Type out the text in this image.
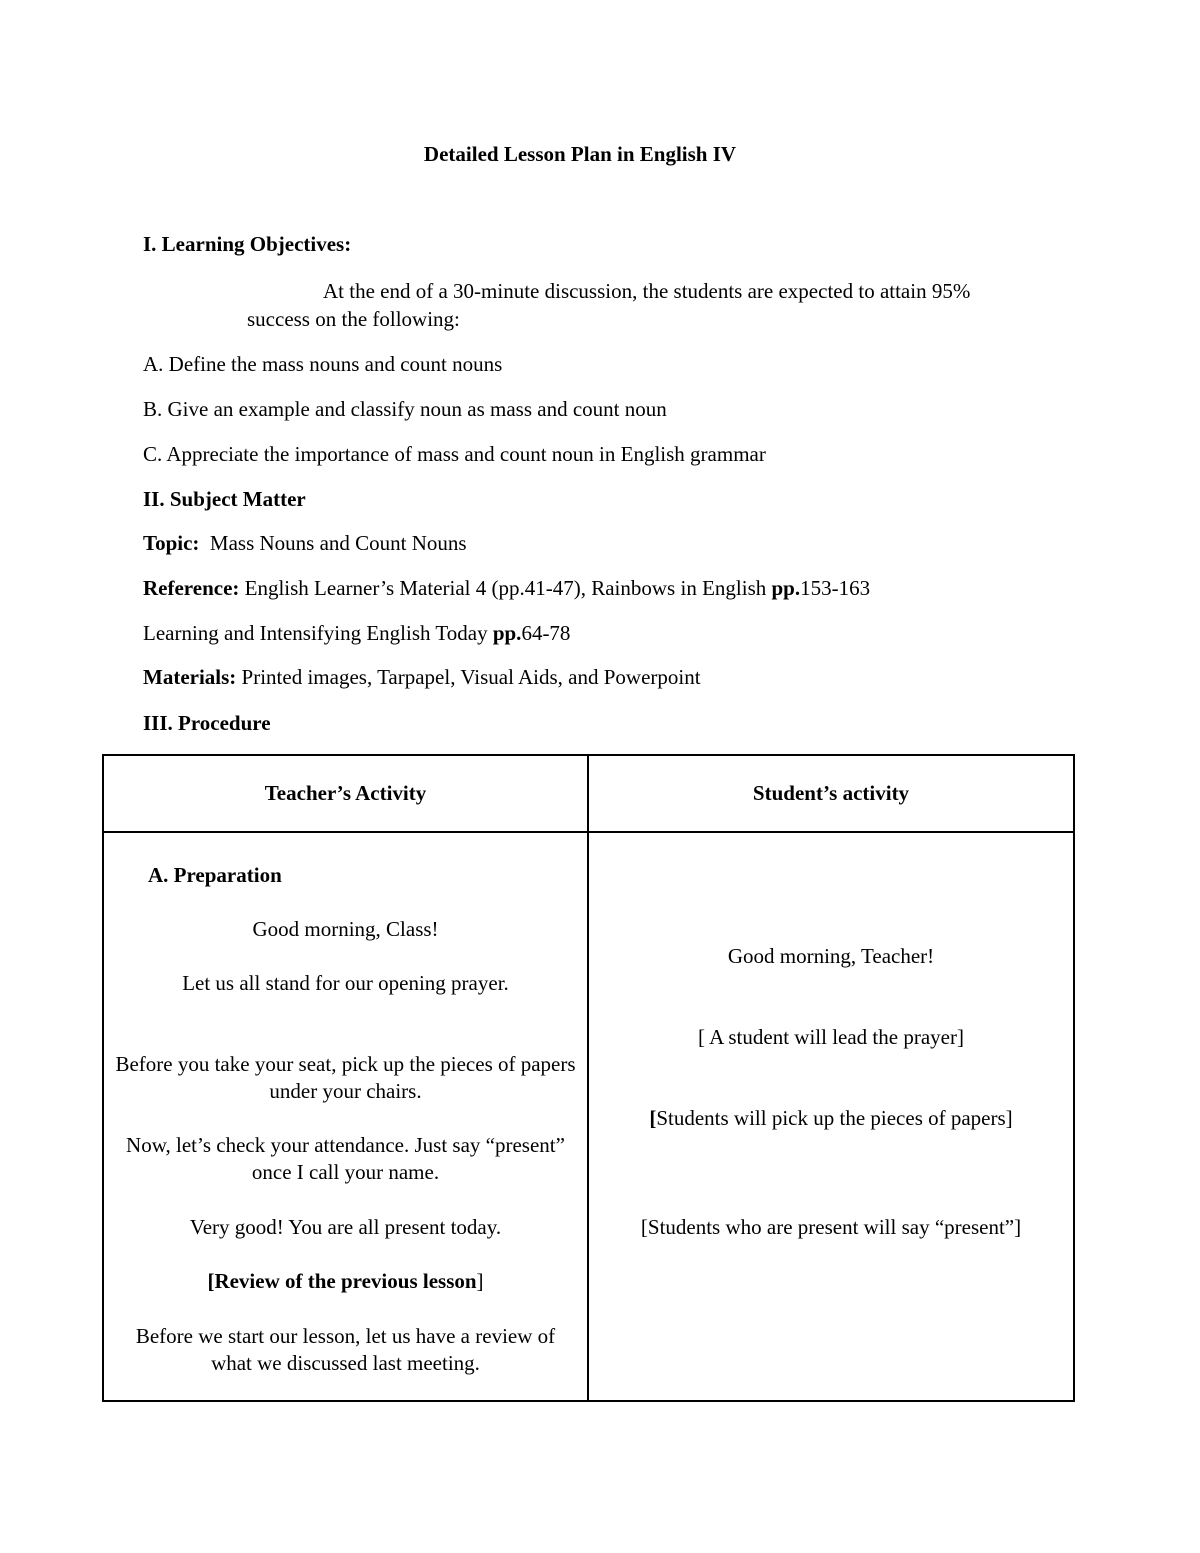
Detailed Lesson Plan in English IV
I. Learning Objectives:
At the end of a 30-minute discussion, the students are expected to attain 95%
success on the following:
A. Define the mass nouns and count nouns
B. Give an example and classify noun as mass and count noun
C. Appreciate the importance of mass and count noun in English grammar
II. Subject Matter
Topic: Mass Nouns and Count Nouns
Reference: English Learner’s Material 4 (pp.41-47), Rainbows in English pp.153-163
Learning and Intensifying English Today pp.64-78
Materials: Printed images, Tarpapel, Visual Aids, and Powerpoint
III. Procedure
Teacher’s Activity	Student’s activity
A. Preparation
Good morning, Class!
Let us all stand for our opening prayer.
Before you take your seat, pick up the pieces of papers under your chairs.
Now, let’s check your attendance. Just say “present” once I call your name.
Very good! You are all present today.
[Review of the previous lesson]
Before we start our lesson, let us have a review of what we discussed last meeting.
Good morning, Teacher!
[ A student will lead the prayer]
[Students will pick up the pieces of papers]
[Students who are present will say “present”]
